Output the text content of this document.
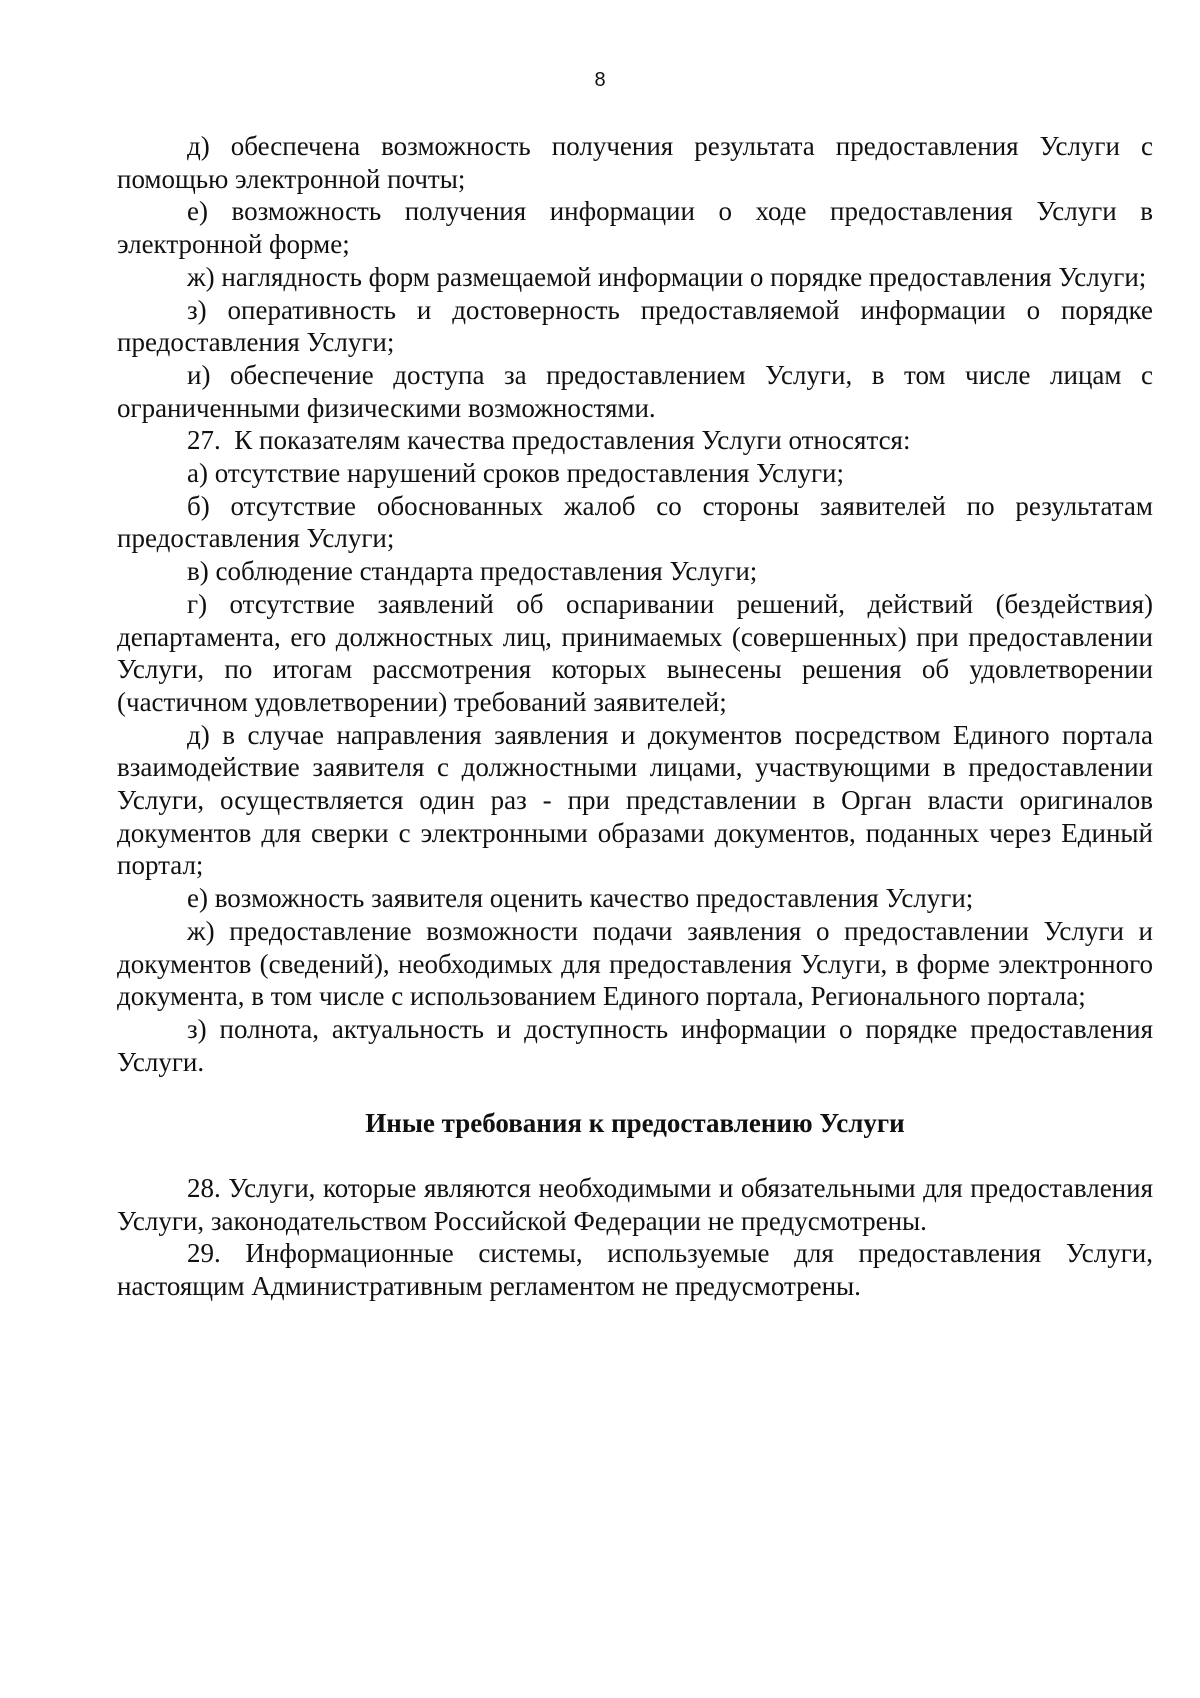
8

д) обеспечена возможность получения результата предоставления Услуги с помощью электронной почты;

е) возможность получения информации о ходе предоставления Услуги в электронной форме;

ж) наглядность форм размещаемой информации о порядке предоставления Услуги;

з) оперативность и достоверность предоставляемой информации о порядке предоставления Услуги;

и) обеспечение доступа за предоставлением Услуги, в том числе лицам с ограниченными физическими возможностями.

27.  К показателям качества предоставления Услуги относятся:

а) отсутствие нарушений сроков предоставления Услуги;

б) отсутствие обоснованных жалоб со стороны заявителей по результатам предоставления Услуги;

в) соблюдение стандарта предоставления Услуги;

г) отсутствие заявлений об оспаривании решений, действий (бездействия) департамента, его должностных лиц, принимаемых (совершенных) при предоставлении Услуги, по итогам рассмотрения которых вынесены решения об удовлетворении (частичном удовлетворении) требований заявителей;

д) в случае направления заявления и документов посредством Единого портала взаимодействие заявителя с должностными лицами, участвующими в предоставлении Услуги, осуществляется один раз - при представлении в Орган власти оригиналов документов для сверки с электронными образами документов, поданных через Единый портал;

е) возможность заявителя оценить качество предоставления Услуги;

ж) предоставление возможности подачи заявления о предоставлении Услуги и документов (сведений), необходимых для предоставления Услуги, в форме электронного документа, в том числе с использованием Единого портала, Регионального портала;

з) полнота, актуальность и доступность информации о порядке предоставления Услуги.

Иные требования к предоставлению Услуги

28. Услуги, которые являются необходимыми и обязательными для предоставления Услуги, законодательством Российской Федерации не предусмотрены.

29. Информационные системы, используемые для предоставления Услуги, настоящим Административным регламентом не предусмотрены.
